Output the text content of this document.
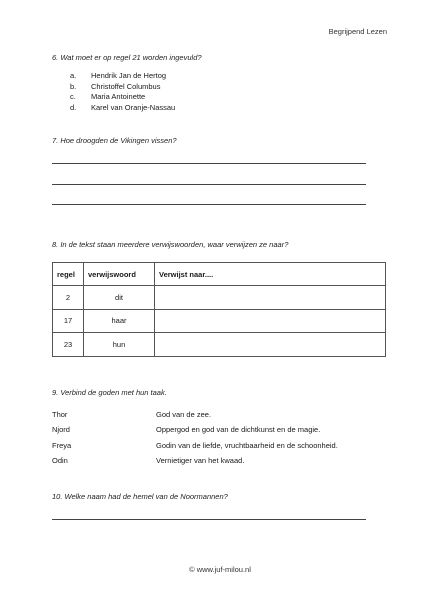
Begrijpend Lezen
6. Wat moet er op regel 21 worden ingevuld?
a.	Hendrik Jan de Hertog
b.	Christoffel Columbus
c.	Maria Antoinette
d.	Karel van Oranje-Nassau
7. Hoe droogden de Vikingen vissen?
8. In de tekst staan meerdere verwijswoorden, waar verwijzen ze naar?
regel	verwijswoord	Verwijst naar....
2	dit	
17	haar	
23	hun	
9. Verbind de goden met hun taak.
Thor	God van de zee.
Njord	Oppergod en god van de dichtkunst en de magie.
Freya	Godin van de liefde, vruchtbaarheid en de schoonheid.
Odin	Vernietiger van het kwaad.
10. Welke naam had de hemel van de Noormannen?
© www.juf-milou.nl
